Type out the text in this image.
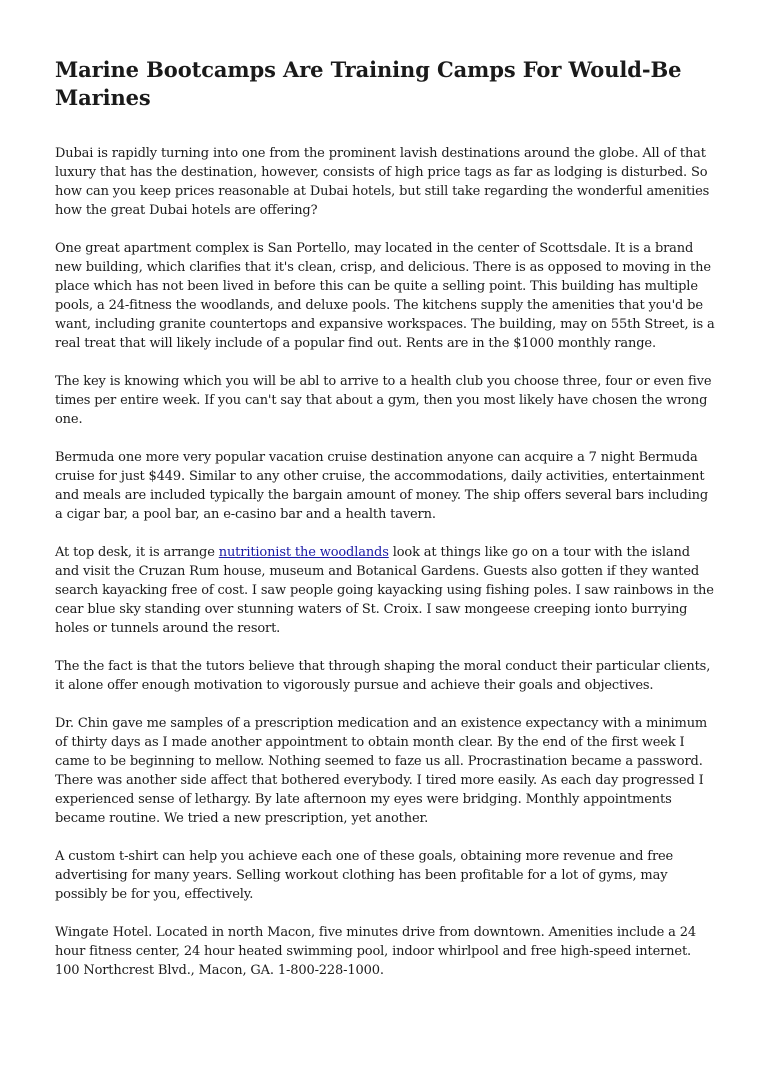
Marine Bootcamps Are Training Camps For Would-Be Marines

Dubai is rapidly turning into one from the prominent lavish destinations around the globe. All of that luxury that has the destination, however, consists of high price tags as far as lodging is disturbed. So how can you keep prices reasonable at Dubai hotels, but still take regarding the wonderful amenities how the great Dubai hotels are offering?

One great apartment complex is San Portello, may located in the center of Scottsdale. It is a brand new building, which clarifies that it's clean, crisp, and delicious. There is as opposed to moving in the place which has not been lived in before this can be quite a selling point. This building has multiple pools, a 24-fitness the woodlands, and deluxe pools. The kitchens supply the amenities that you'd be want, including granite countertops and expansive workspaces. The building, may on 55th Street, is a real treat that will likely include of a popular find out. Rents are in the $1000 monthly range.

The key is knowing which you will be abl to arrive to a health club you choose three, four or even five times per entire week. If you can't say that about a gym, then you most likely have chosen the wrong one.

Bermuda one more very popular vacation cruise destination anyone can acquire a 7 night Bermuda cruise for just $449. Similar to any other cruise, the accommodations, daily activities, entertainment and meals are included typically the bargain amount of money. The ship offers several bars including a cigar bar, a pool bar, an e-casino bar and a health tavern.

At top desk, it is arrange nutritionist the woodlands look at things like go on a tour with the island and visit the Cruzan Rum house, museum and Botanical Gardens. Guests also gotten if they wanted search kayacking free of cost. I saw people going kayacking using fishing poles. I saw rainbows in the cear blue sky standing over stunning waters of St. Croix. I saw mongeese creeping ionto burrying holes or tunnels around the resort.

The the fact is that the tutors believe that through shaping the moral conduct their particular clients, it alone offer enough motivation to vigorously pursue and achieve their goals and objectives.

Dr. Chin gave me samples of a prescription medication and an existence expectancy with a minimum of thirty days as I made another appointment to obtain month clear. By the end of the first week I came to be beginning to mellow. Nothing seemed to faze us all. Procrastination became a password. There was another side affect that bothered everybody. I tired more easily. As each day progressed I experienced sense of lethargy. By late afternoon my eyes were bridging. Monthly appointments became routine. We tried a new prescription, yet another.

A custom t-shirt can help you achieve each one of these goals, obtaining more revenue and free advertising for many years. Selling workout clothing has been profitable for a lot of gyms, may possibly be for you, effectively.

Wingate Hotel. Located in north Macon, five minutes drive from downtown. Amenities include a 24 hour fitness center, 24 hour heated swimming pool, indoor whirlpool and free high-speed internet. 100 Northcrest Blvd., Macon, GA. 1-800-228-1000.
